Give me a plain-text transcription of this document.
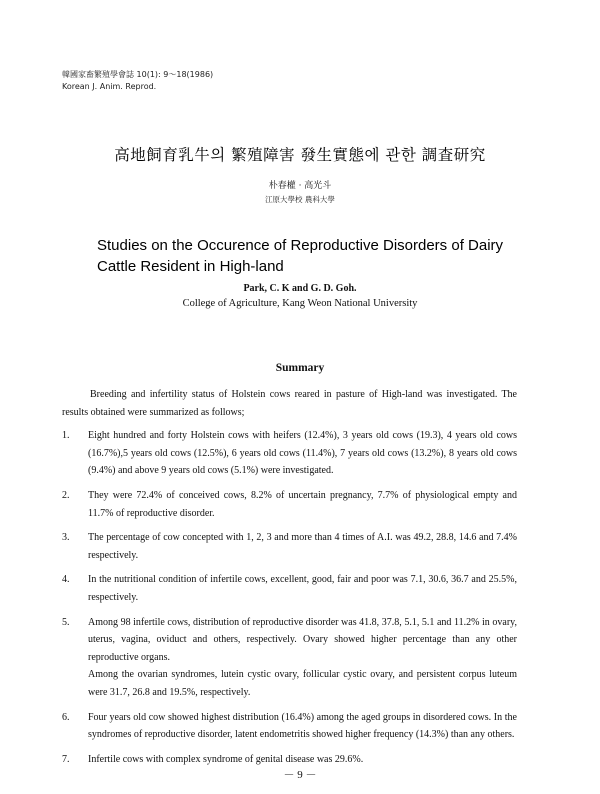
韓國家畜繁殖學會誌 10(1): 9～18(1986)
Korean J. Anim. Reprod.
高地飼育乳牛의 繁殖障害 發生實態에 관한 調査研究
朴春權 · 高光斗
江原大學校 農科大學
Studies on the Occurence of Reproductive Disorders of Dairy Cattle Resident in High-land
Park, C. K and G. D. Goh.
College of Agriculture, Kang Weon National University
Summary

Breeding and infertility status of Holstein cows reared in pasture of High-land was investigated. The results obtained were summarized as follows;

1.	Eight hundred and forty Holstein cows with heifers (12.4%), 3 years old cows (19.3), 4 years old cows (16.7%),5 years old cows (12.5%), 6 years old cows (11.4%), 7 years old cows (13.2%), 8 years old cows (9.4%) and above 9 years old cows (5.1%) were investigated.
2.	They were 72.4% of conceived cows, 8.2% of uncertain pregnancy, 7.7% of physiological empty and 11.7% of reproductive disorder.
3.	The percentage of cow concepted with 1, 2, 3 and more than 4 times of A.I. was 49.2, 28.8, 14.6 and 7.4% respectively.
4.	In the nutritional condition of infertile cows, excellent, good, fair and poor was 7.1, 30.6, 36.7 and 25.5%, respectively.
5.	Among 98 infertile cows, distribution of reproductive disorder was 41.8, 37.8, 5.1, 5.1 and 11.2% in ovary, uterus, vagina, oviduct and others, respectively. Ovary showed higher percentage than any other reproductive organs.
Among the ovarian syndromes, lutein cystic ovary, follicular cystic ovary, and persistent corpus luteum were 31.7, 26.8 and 19.5%, respectively.
6.	Four years old cow showed highest distribution (16.4%) among the aged groups in disordered cows. In the syndromes of reproductive disorder, latent endometritis showed higher frequency (14.3%) than any others.
7.	Infertile cows with complex syndrome of genital disease was 29.6%.
－ 9 －
